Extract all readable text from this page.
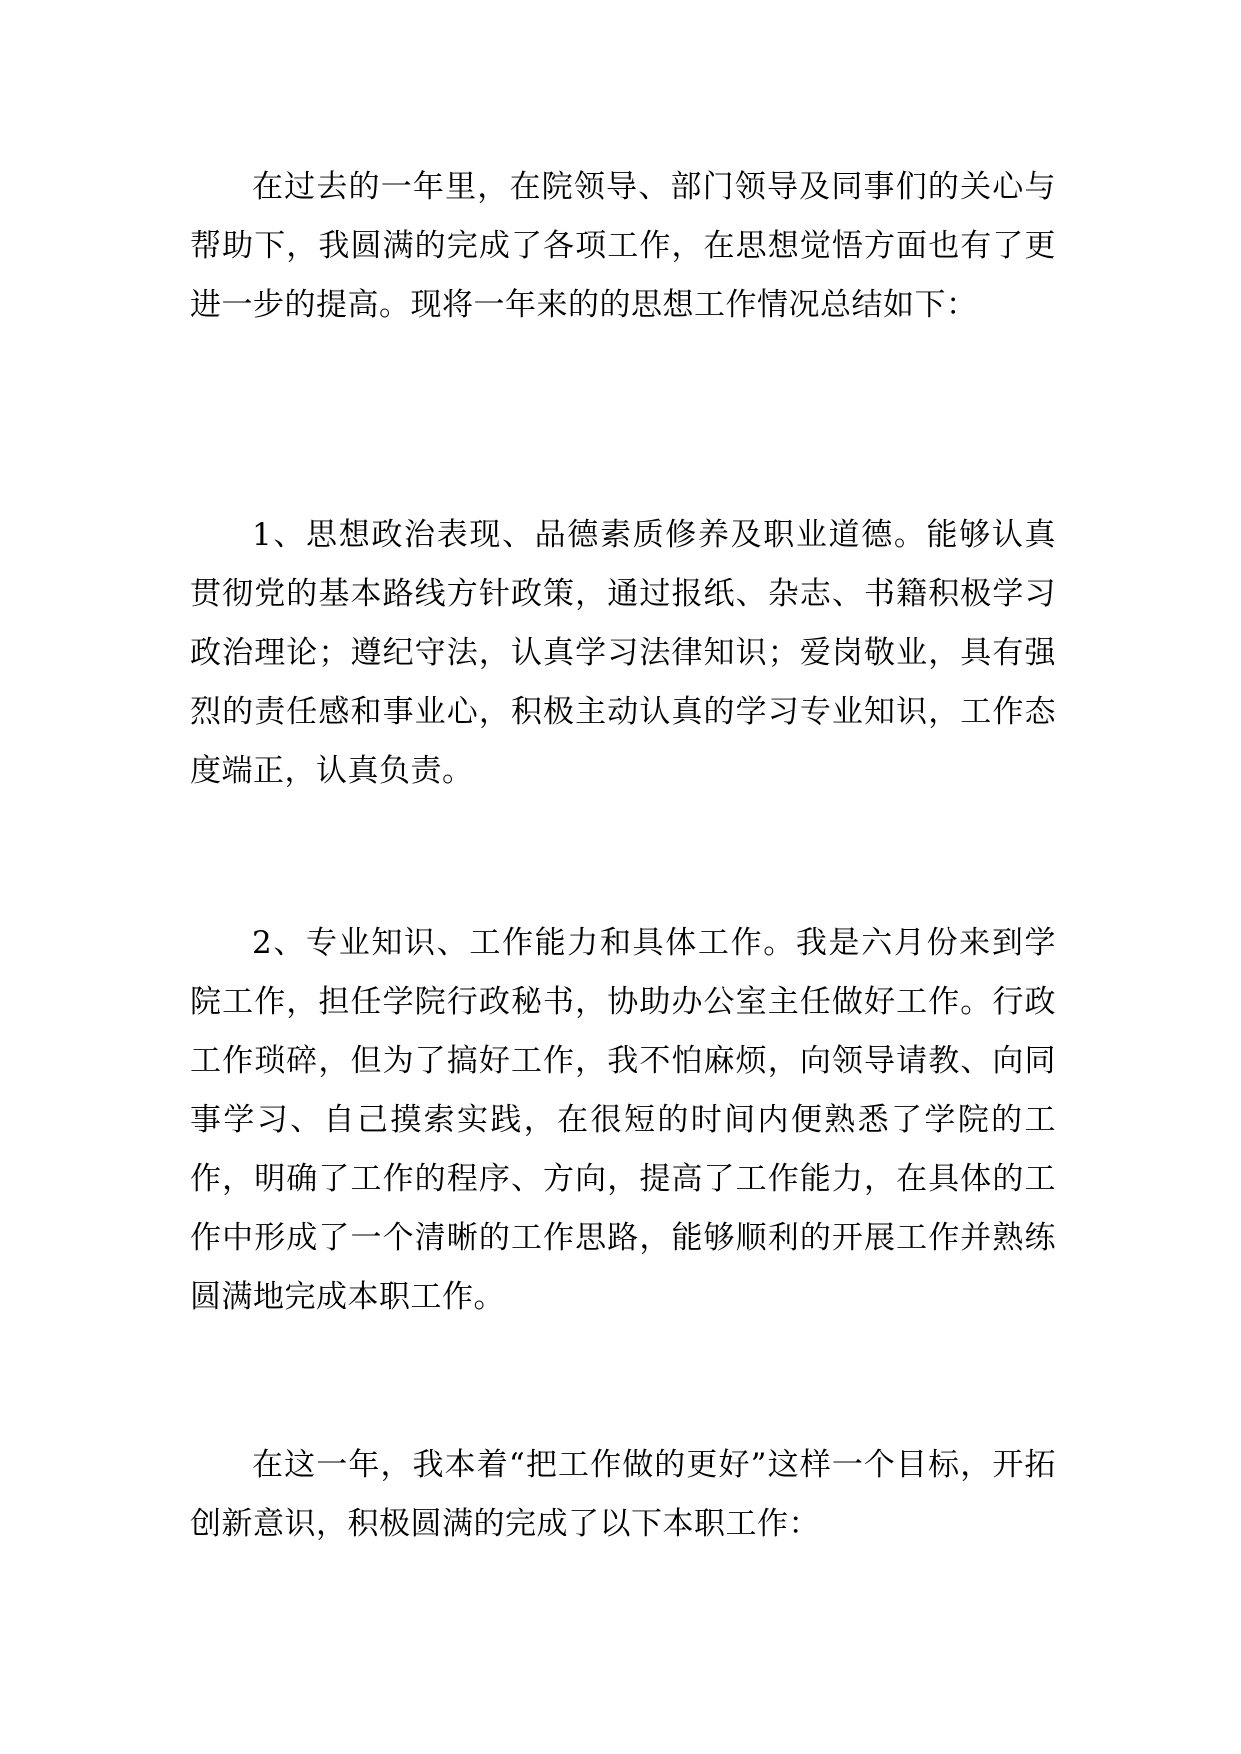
在过去的一年里，在院领导、部门领导及同事们的关心与帮助下，我圆满的完成了各项工作，在思想觉悟方面也有了更进一步的提高。现将一年来的的思想工作情况总结如下：

1、思想政治表现、品德素质修养及职业道德。能够认真贯彻党的基本路线方针政策，通过报纸、杂志、书籍积极学习政治理论；遵纪守法，认真学习法律知识；爱岗敬业，具有强烈的责任感和事业心，积极主动认真的学习专业知识，工作态度端正，认真负责。

2、专业知识、工作能力和具体工作。我是六月份来到学院工作，担任学院行政秘书，协助办公室主任做好工作。行政工作琐碎，但为了搞好工作，我不怕麻烦，向领导请教、向同事学习、自己摸索实践，在很短的时间内便熟悉了学院的工作，明确了工作的程序、方向，提高了工作能力，在具体的工作中形成了一个清晰的工作思路，能够顺利的开展工作并熟练圆满地完成本职工作。

在这一年，我本着“把工作做的更好”这样一个目标，开拓创新意识，积极圆满的完成了以下本职工作：
